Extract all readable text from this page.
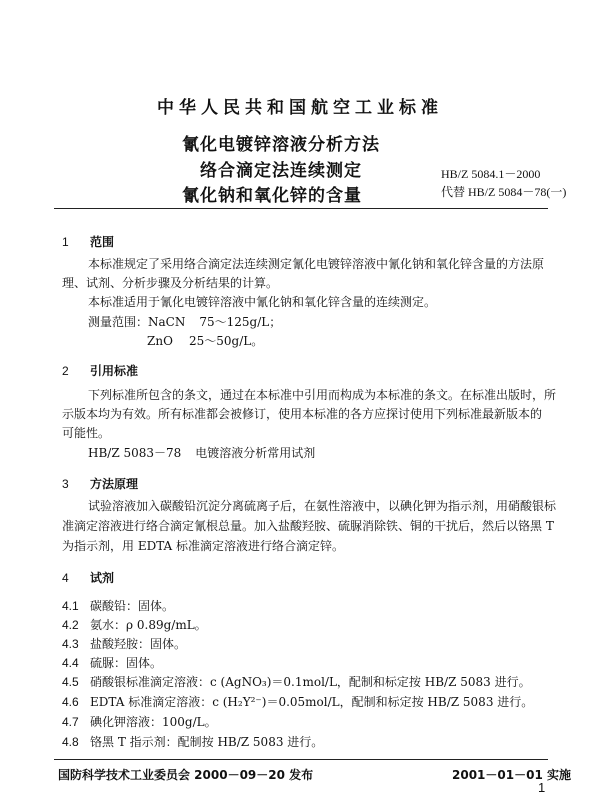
中华人民共和国航空工业标准
氰化电镀锌溶液分析方法
络合滴定法连续测定
氰化钠和氧化锌的含量
HB/Z 5084.1－2000
代替 HB/Z 5084－78(一)
1 范围
本标准规定了采用络合滴定法连续测定氰化电镀锌溶液中氰化钠和氧化锌含量的方法原
理、试剂、分析步骤及分析结果的计算。
本标准适用于氰化电镀锌溶液中氰化钠和氧化锌含量的连续测定。
测量范围：NaCN 75～125g/L；
ZnO 25～50g/L。
2 引用标准
下列标准所包含的条文，通过在本标准中引用而构成为本标准的条文。在标准出版时，所
示版本均为有效。所有标准都会被修订，使用本标准的各方应探讨使用下列标准最新版本的
可能性。
HB/Z 5083－78 电镀溶液分析常用试剂
3 方法原理
试验溶液加入碳酸铅沉淀分离硫离子后，在氨性溶液中，以碘化钾为指示剂，用硝酸银标
准滴定溶液进行络合滴定氰根总量。加入盐酸羟胺、硫脲消除铁、铜的干扰后，然后以铬黑 T
为指示剂，用 EDTA 标准滴定溶液进行络合滴定锌。
4 试剂
4.1 碳酸铅：固体。
4.2 氨水：ρ 0.89g/mL。
4.3 盐酸羟胺：固体。
4.4 硫脲：固体。
4.5 硝酸银标准滴定溶液：c (AgNO₃)＝0.1mol/L，配制和标定按 HB/Z 5083 进行。
4.6 EDTA 标准滴定溶液：c (H₂Y²⁻)＝0.05mol/L，配制和标定按 HB/Z 5083 进行。
4.7 碘化钾溶液：100g/L。
4.8 铬黑 T 指示剂：配制按 HB/Z 5083 进行。
国防科学技术工业委员会 2000－09－20 发布	2001－01－01 实施
1
